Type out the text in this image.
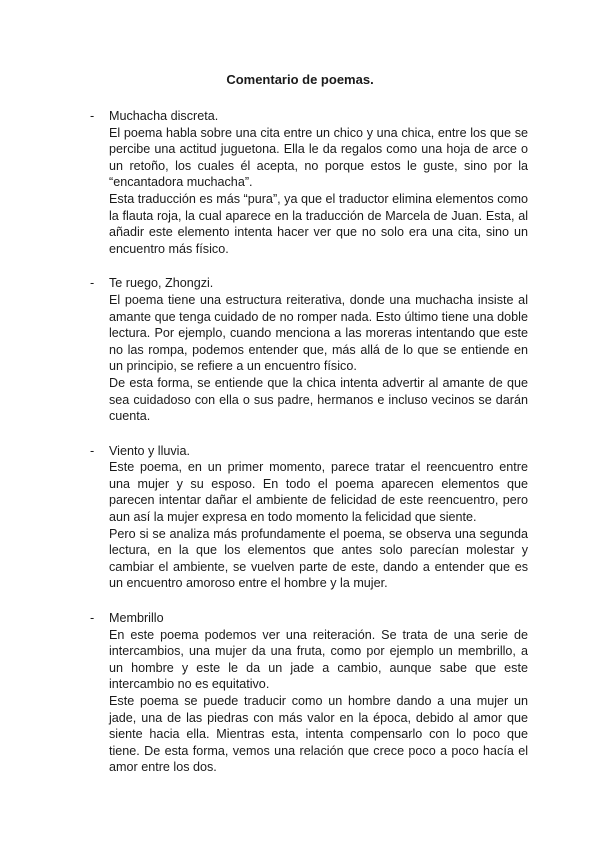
Comentario de poemas.
- Muchacha discreta.

El poema habla sobre una cita entre un chico y una chica, entre los que se percibe una actitud juguetona. Ella le da regalos como una hoja de arce o un retoño, los cuales él acepta, no porque estos le guste, sino por la “encantadora muchacha”.

Esta traducción es más “pura”, ya que el traductor elimina elementos como la flauta roja, la cual aparece en la traducción de Marcela de Juan. Esta, al añadir este elemento intenta hacer ver que no solo era una cita, sino un encuentro más físico.

- Te ruego, Zhongzi.

El poema tiene una estructura reiterativa, donde una muchacha insiste al amante que tenga cuidado de no romper nada. Esto último tiene una doble lectura. Por ejemplo, cuando menciona a las moreras intentando que este no las rompa, podemos entender que, más allá de lo que se entiende en un principio, se refiere a un encuentro físico.

De esta forma, se entiende que la chica intenta advertir al amante de que sea cuidadoso con ella o sus padre, hermanos e incluso vecinos se darán cuenta.

- Viento y lluvia.

Este poema, en un primer momento, parece tratar el reencuentro entre una mujer y su esposo. En todo el poema aparecen elementos que parecen intentar dañar el ambiente de felicidad de este reencuentro, pero aun así la mujer expresa en todo momento la felicidad que siente.

Pero si se analiza más profundamente el poema, se observa una segunda lectura, en la que los elementos que antes solo parecían molestar y cambiar el ambiente, se vuelven parte de este, dando a entender que es un encuentro amoroso entre el hombre y la mujer.

- Membrillo

En este poema podemos ver una reiteración. Se trata de una serie de intercambios, una mujer da una fruta, como por ejemplo un membrillo, a un hombre y este le da un jade a cambio, aunque sabe que este intercambio no es equitativo.

Este poema se puede traducir como un hombre dando a una mujer un jade, una de las piedras con más valor en la época, debido al amor que siente hacia ella. Mientras esta, intenta compensarlo con lo poco que tiene. De esta forma, vemos una relación que crece poco a poco hacía el amor entre los dos.
